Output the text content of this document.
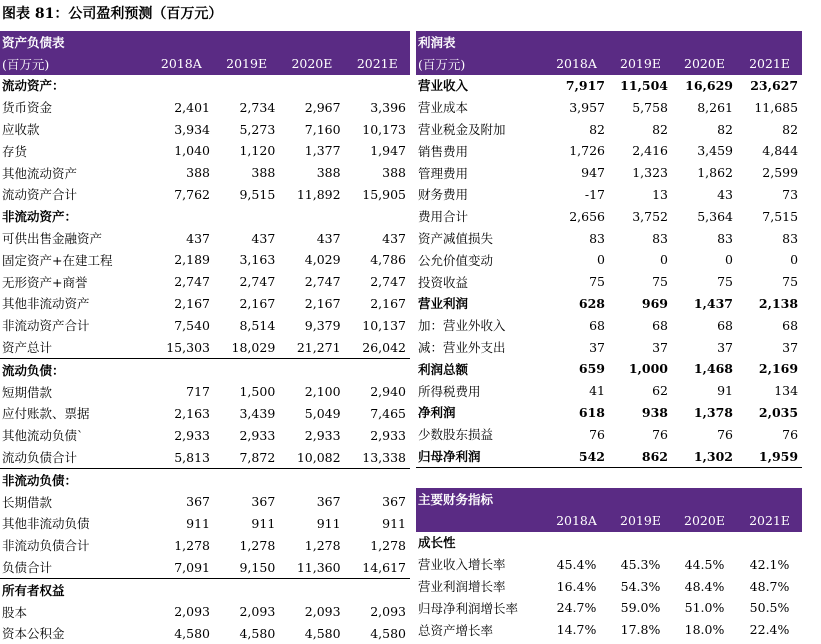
图表 81：公司盈利预测（百万元）
资产负债表				
(百万元)	2018A	2019E	2020E	2021E
流动资产：				
货币资金	2,401	2,734	2,967	3,396
应收款	3,934	5,273	7,160	10,173
存货	1,040	1,120	1,377	1,947
其他流动资产	388	388	388	388
流动资产合计	7,762	9,515	11,892	15,905
非流动资产：				
可供出售金融资产	437	437	437	437
固定资产+在建工程	2,189	3,163	4,029	4,786
无形资产+商誉	2,747	2,747	2,747	2,747
其他非流动资产	2,167	2,167	2,167	2,167
非流动资产合计	7,540	8,514	9,379	10,137
资产总计	15,303	18,029	21,271	26,042
流动负债：				
短期借款	717	1,500	2,100	2,940
应付账款、票据	2,163	3,439	5,049	7,465
其他流动负债`	2,933	2,933	2,933	2,933
流动负债合计	5,813	7,872	10,082	13,338
非流动负债：				
长期借款	367	367	367	367
其他非流动负债	911	911	911	911
非流动负债合计	1,278	1,278	1,278	1,278
负债合计	7,091	9,150	11,360	14,617
所有者权益				
股本	2,093	2,093	2,093	2,093
资本公积金	4,580	4,580	4,580	4,580
利润表				
(百万元)	2018A	2019E	2020E	2021E
营业收入	7,917	11,504	16,629	23,627
营业成本	3,957	5,758	8,261	11,685
营业税金及附加	82	82	82	82
销售费用	1,726	2,416	3,459	4,844
管理费用	947	1,323	1,862	2,599
财务费用	-17	13	43	73
费用合计	2,656	3,752	5,364	7,515
资产减值损失	83	83	83	83
公允价值变动	0	0	0	0
投资收益	75	75	75	75
营业利润	628	969	1,437	2,138
加：营业外收入	68	68	68	68
减：营业外支出	37	37	37	37
利润总额	659	1,000	1,468	2,169
所得税费用	41	62	91	134
净利润	618	938	1,378	2,035
少数股东损益	76	76	76	76
归母净利润	542	862	1,302	1,959
主要财务指标				
	2018A	2019E	2020E	2021E
成长性				
营业收入增长率	45.4%	45.3%	44.5%	42.1%
营业利润增长率	16.4%	54.3%	48.4%	48.7%
归母净利润增长率	24.7%	59.0%	51.0%	50.5%
总资产增长率	14.7%	17.8%	18.0%	22.4%
